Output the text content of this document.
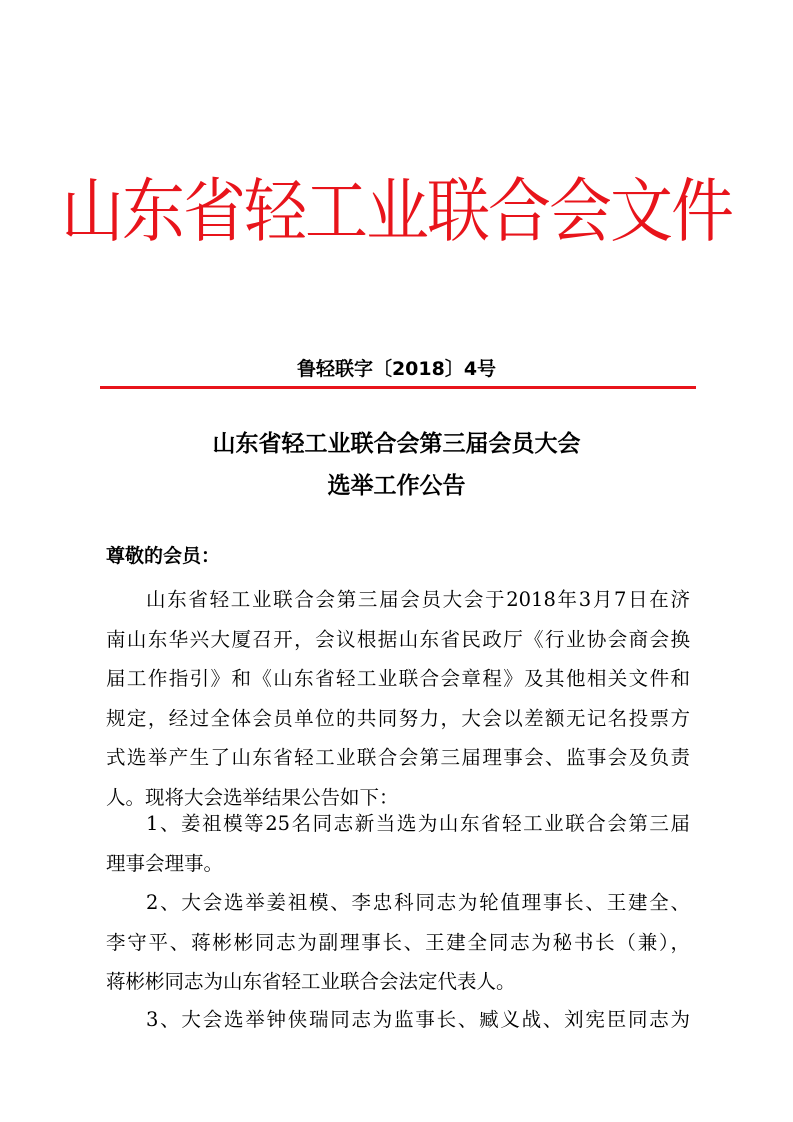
山东省轻工业联合会文件
鲁轻联字〔2018〕4号
山东省轻工业联合会第三届会员大会
选举工作公告
尊敬的会员：
山东省轻工业联合会第三届会员大会于2018年3月7日在济
南山东华兴大厦召开，会议根据山东省民政厅《行业协会商会换
届工作指引》和《山东省轻工业联合会章程》及其他相关文件和
规定，经过全体会员单位的共同努力，大会以差额无记名投票方
式选举产生了山东省轻工业联合会第三届理事会、监事会及负责
人。现将大会选举结果公告如下：
1、姜祖模等25名同志新当选为山东省轻工业联合会第三届
理事会理事。
2、大会选举姜祖模、李忠科同志为轮值理事长、王建全、
李守平、蒋彬彬同志为副理事长、王建全同志为秘书长（兼），
蒋彬彬同志为山东省轻工业联合会法定代表人。
3、大会选举钟侠瑞同志为监事长、臧义战、刘宪臣同志为
